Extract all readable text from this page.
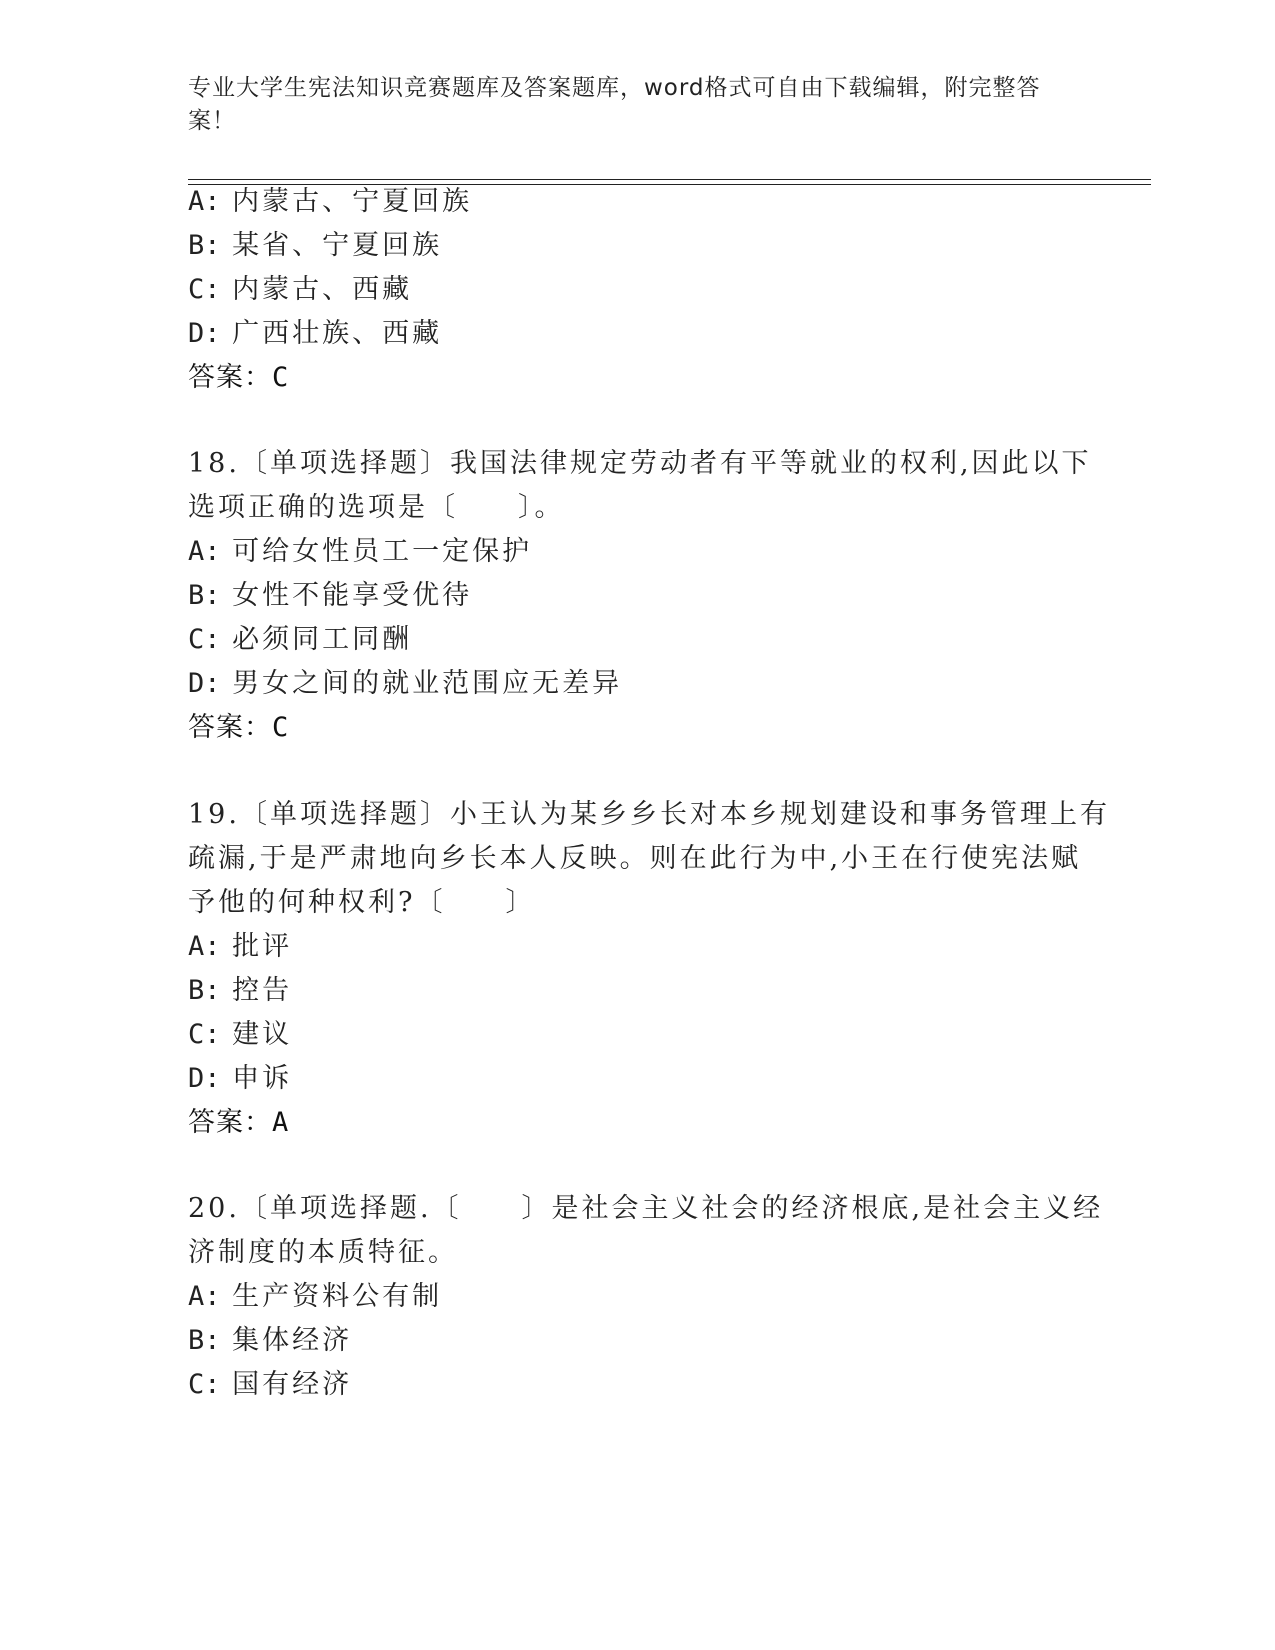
专业大学生宪法知识竞赛题库及答案题库，word格式可自由下载编辑，附完整答案！
A: 内蒙古、宁夏回族
B: 某省、宁夏回族
C: 内蒙古、西藏
D: 广西壮族、西藏
答案：C
18.〔单项选择题〕我国法律规定劳动者有平等就业的权利,因此以下
选项正确的选项是〔　　〕。
A: 可给女性员工一定保护
B: 女性不能享受优待
C: 必须同工同酬
D: 男女之间的就业范围应无差异
答案：C
19.〔单项选择题〕小王认为某乡乡长对本乡规划建设和事务管理上有
疏漏,于是严肃地向乡长本人反映。则在此行为中,小王在行使宪法赋
予他的何种权利?〔　　〕
A: 批评
B: 控告
C: 建议
D: 申诉
答案：A
20.〔单项选择题.〔　　〕是社会主义社会的经济根底,是社会主义经
济制度的本质特征。
A: 生产资料公有制
B: 集体经济
C: 国有经济
